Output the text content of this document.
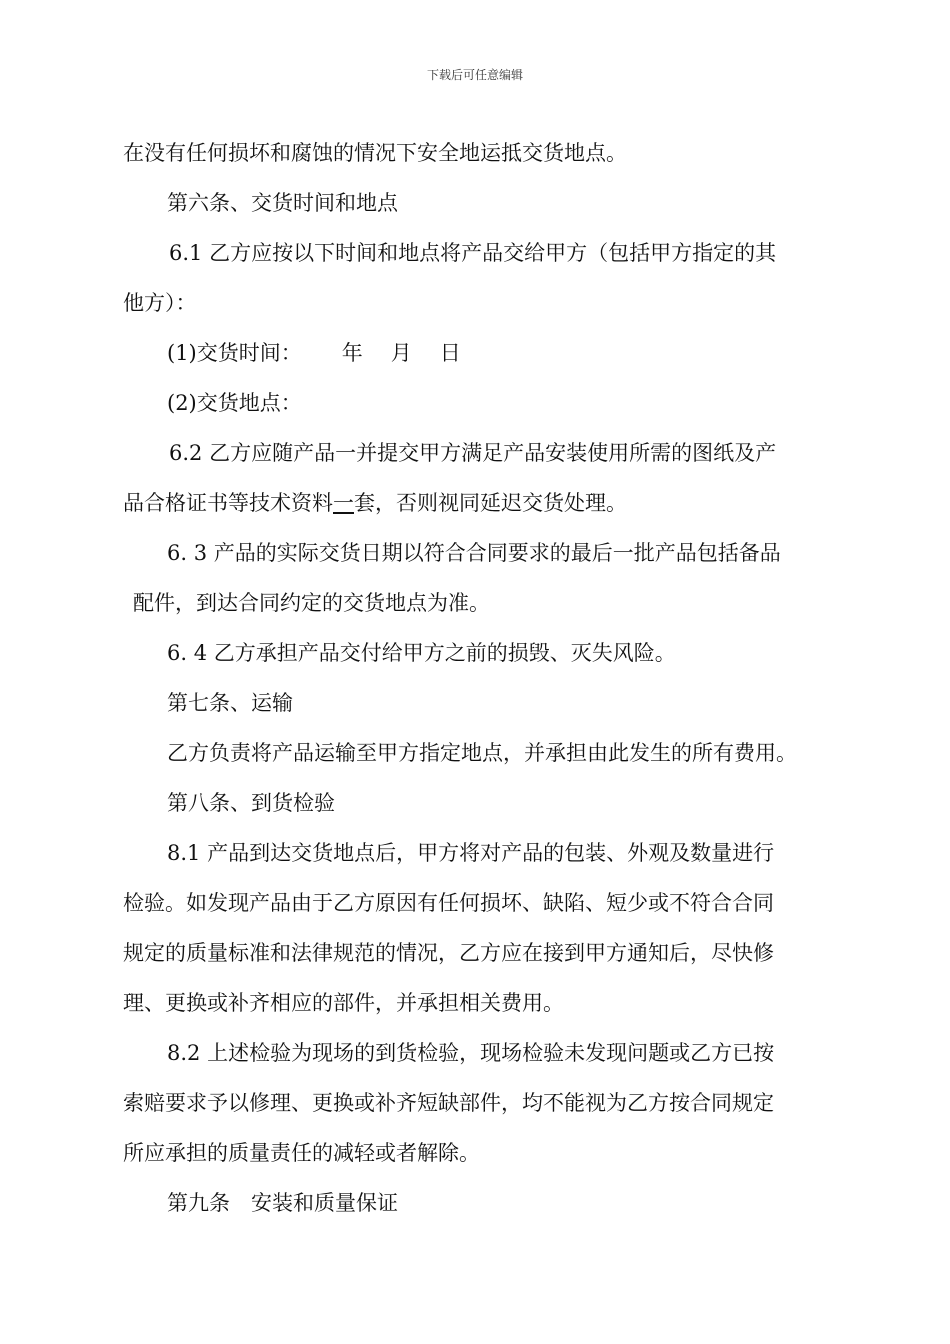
下载后可任意编辑

在没有任何损坏和腐蚀的情况下安全地运抵交货地点。

第六条、交货时间和地点

6.1 乙方应按以下时间和地点将产品交给甲方（包括甲方指定的其

他方）：

(1)交货时间： 年 月 日

(2)交货地点：

6.2 乙方应随产品一并提交甲方满足产品安装使用所需的图纸及产

品合格证书等技术资料一套，否则视同延迟交货处理。

6. 3 产品的实际交货日期以符合合同要求的最后一批产品包括备品

配件，到达合同约定的交货地点为准。

6. 4 乙方承担产品交付给甲方之前的损毁、灭失风险。

第七条、运输

乙方负责将产品运输至甲方指定地点，并承担由此发生的所有费用。

第八条、到货检验

8.1 产品到达交货地点后，甲方将对产品的包装、外观及数量进行

检验。如发现产品由于乙方原因有任何损坏、缺陷、短少或不符合合同

规定的质量标准和法律规范的情况，乙方应在接到甲方通知后，尽快修

理、更换或补齐相应的部件，并承担相关费用。

8.2 上述检验为现场的到货检验，现场检验未发现问题或乙方已按

索赔要求予以修理、更换或补齐短缺部件，均不能视为乙方按合同规定

所应承担的质量责任的减轻或者解除。

第九条　安装和质量保证
